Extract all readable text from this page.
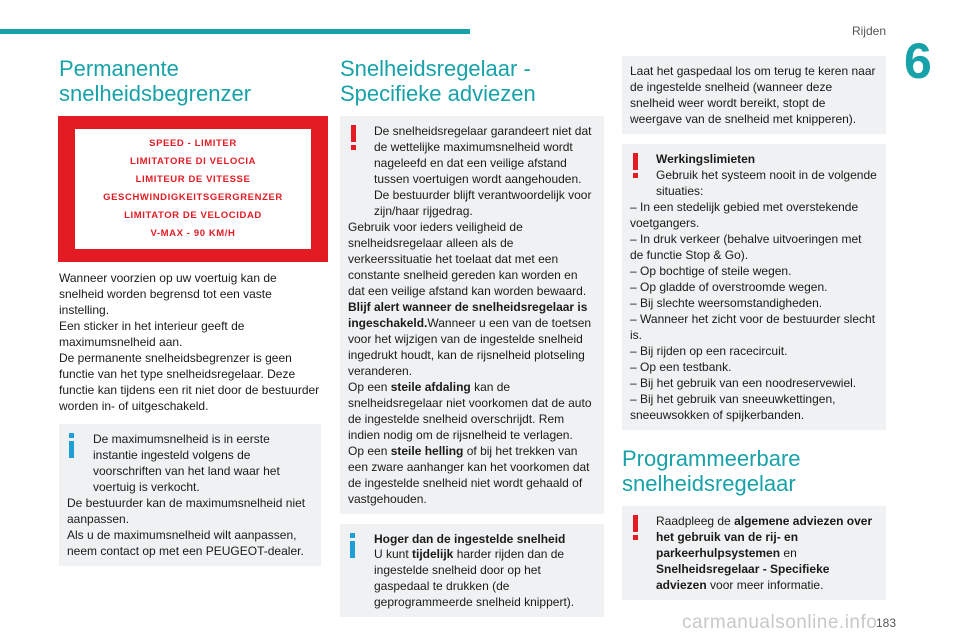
Rijden
6
Permanente snelheidsbegrenzer
SPEED - LIMITER
LIMITATORE DI VELOCIA
LIMITEUR DE VITESSE
GESCHWINDIGKEITSGERGRENZER
LIMITATOR DE VELOCIDAD
V-MAX - 90 KM/H

Wanneer voorzien op uw voertuig kan de snelheid worden begrensd tot een vaste instelling.

Een sticker in het interieur geeft de maximumsnelheid aan.

De permanente snelheidsbegrenzer is geen functie van het type snelheidsregelaar. Deze functie kan tijdens een rit niet door de bestuurder worden in- of uitgeschakeld.

De maximumsnelheid is in eerste instantie ingesteld volgens de voorschriften van het land waar het voertuig is verkocht.

De bestuurder kan de maximumsnelheid niet aanpassen.

Als u de maximumsnelheid wilt aanpassen, neem contact op met een PEUGEOT-dealer.

Snelheidsregelaar - Specifieke adviezen

De snelheidsregelaar garandeert niet dat de wettelijke maximumsnelheid wordt nageleefd en dat een veilige afstand tussen voertuigen wordt aangehouden. De bestuurder blijft verantwoordelijk voor zijn/haar rijgedrag.

Gebruik voor ieders veiligheid de snelheidsregelaar alleen als de verkeerssituatie het toelaat dat met een constante snelheid gereden kan worden en dat een veilige afstand kan worden bewaard.

Blijf alert wanneer de snelheidsregelaar is ingeschakeld.Wanneer u een van de toetsen voor het wijzigen van de ingestelde snelheid ingedrukt houdt, kan de rijsnelheid plotseling veranderen.

Op een steile afdaling kan de snelheidsregelaar niet voorkomen dat de auto de ingestelde snelheid overschrijdt. Rem indien nodig om de rijsnelheid te verlagen.

Op een steile helling of bij het trekken van een zware aanhanger kan het voorkomen dat de ingestelde snelheid niet wordt gehaald of vastgehouden.

Hoger dan de ingestelde snelheid

U kunt tijdelijk harder rijden dan de ingestelde snelheid door op het gaspedaal te drukken (de geprogrammeerde snelheid knippert).

Laat het gaspedaal los om terug te keren naar de ingestelde snelheid (wanneer deze snelheid weer wordt bereikt, stopt de weergave van de snelheid met knipperen).

Werkingslimieten

Gebruik het systeem nooit in de volgende situaties:

– In een stedelijk gebied met overstekende voetgangers.

– In druk verkeer (behalve uitvoeringen met de functie Stop & Go).

– Op bochtige of steile wegen.

– Op gladde of overstroomde wegen.

– Bij slechte weersomstandigheden.

– Wanneer het zicht voor de bestuurder slecht is.

– Bij rijden op een racecircuit.

– Op een testbank.

– Bij het gebruik van een noodreservewiel.

– Bij het gebruik van sneeuwkettingen, sneeuwsokken of spijkerbanden.

Programmeerbare snelheidsregelaar

Raadpleeg de algemene adviezen over het gebruik van de rij- en parkeerhulpsystemen en Snelheidsregelaar - Specifieke adviezen voor meer informatie.

carmanualsonline.info
183
